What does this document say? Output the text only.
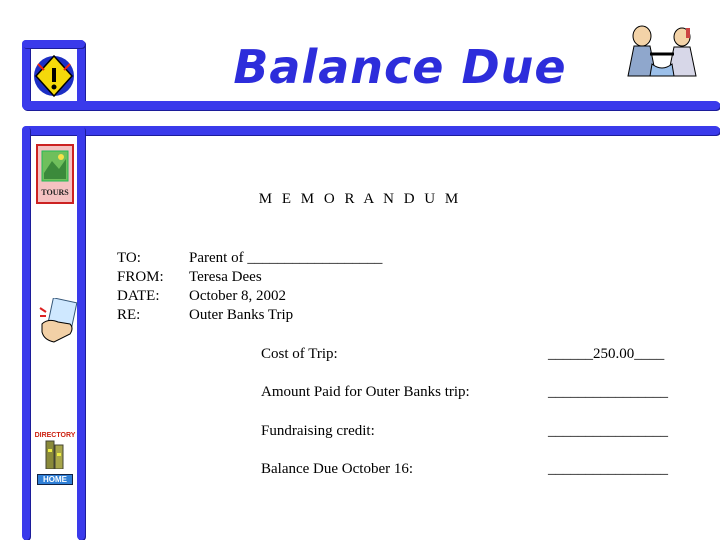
Balance Due
TOURS
DIRECTORY
HOME
M E M O R A N D U M
TO:	Parent of __________________
FROM: Teresa Dees
DATE: October 8, 2002
RE:	Outer Banks Trip
Cost of Trip:	______250.00____
Amount Paid for Outer Banks trip:	________________
Fundraising credit:	________________
Balance Due October 16:	________________
